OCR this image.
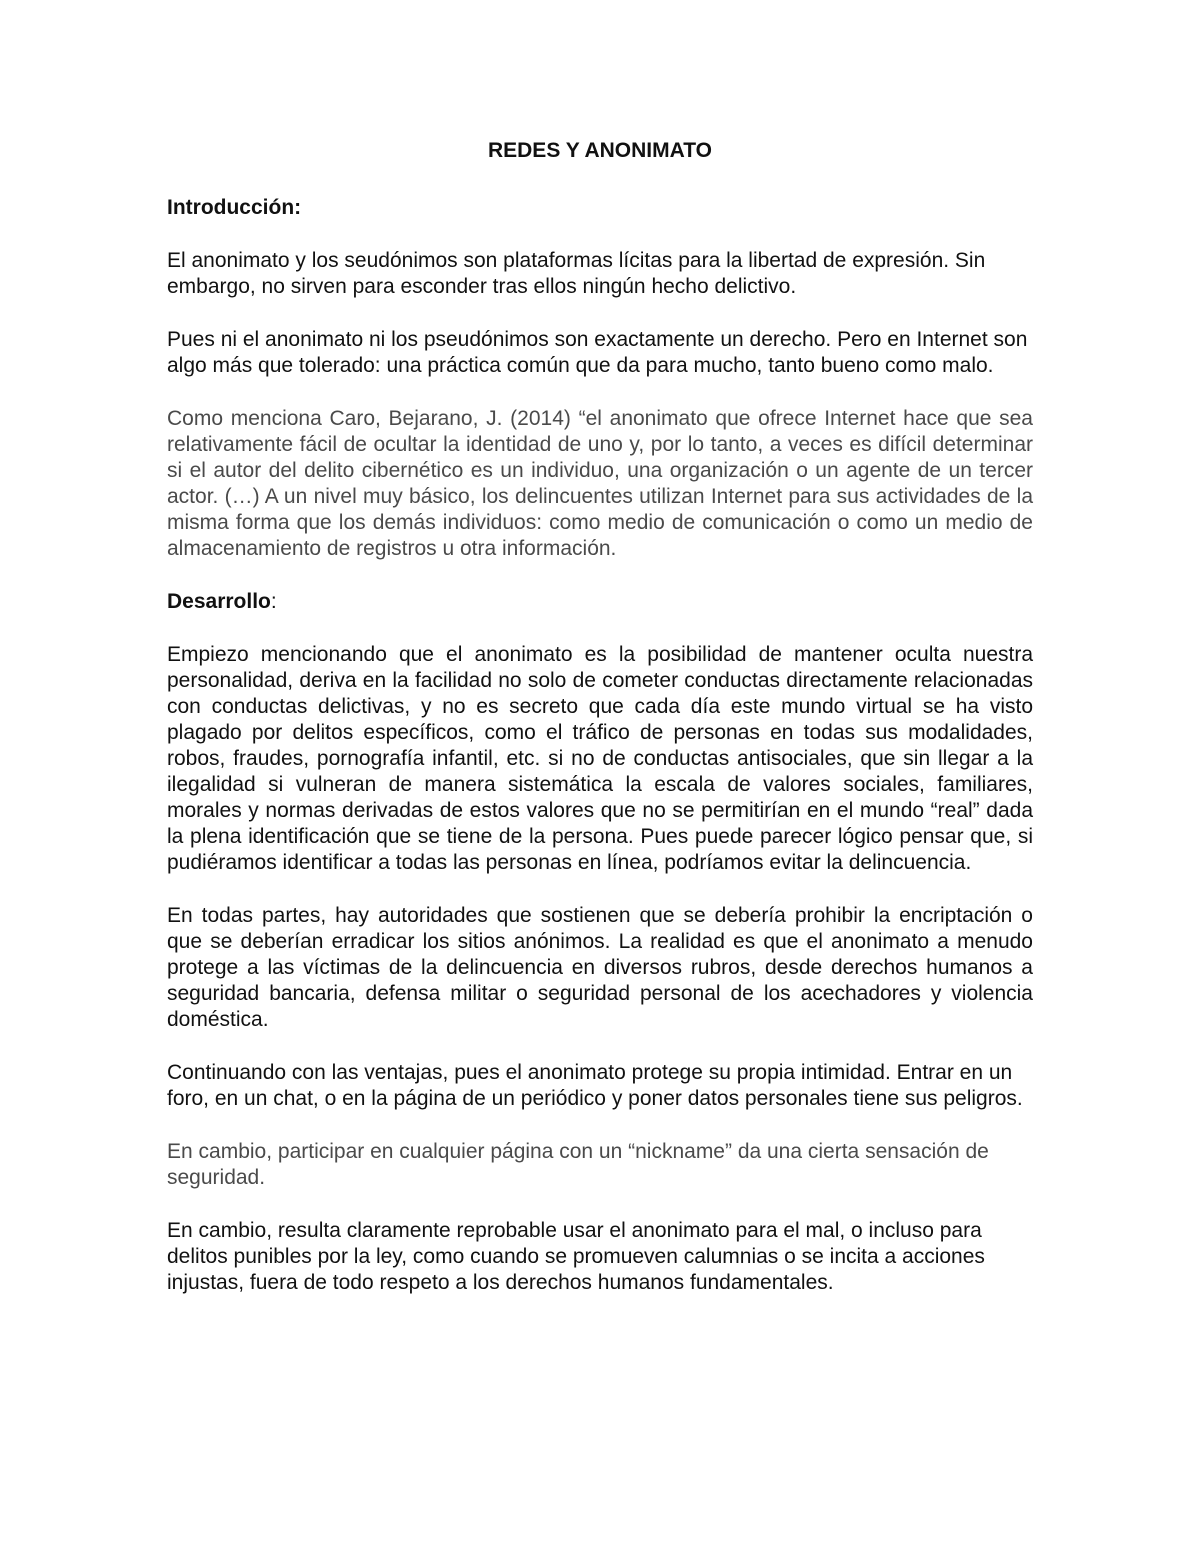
REDES Y ANONIMATO
Introducción:

El anonimato y los seudónimos son plataformas lícitas para la libertad de expresión. Sin embargo, no sirven para esconder tras ellos ningún hecho delictivo.

Pues ni el anonimato ni los pseudónimos son exactamente un derecho. Pero en Internet son algo más que tolerado: una práctica común que da para mucho, tanto bueno como malo.

Como menciona Caro, Bejarano, J. (2014) “el anonimato que ofrece Internet hace que sea relativamente fácil de ocultar la identidad de uno y, por lo tanto, a veces es difícil determinar si el autor del delito cibernético es un individuo, una organización o un agente de un tercer actor. (…) A un nivel muy básico, los delincuentes utilizan Internet para sus actividades de la misma forma que los demás individuos: como medio de comunicación o como un medio de almacenamiento de registros u otra información.

Desarrollo:

Empiezo mencionando que el anonimato es la posibilidad de mantener oculta nuestra personalidad, deriva en la facilidad no solo de cometer conductas directamente relacionadas con conductas delictivas, y no es secreto que cada día este mundo virtual se ha visto plagado por delitos específicos, como el tráfico de personas en todas sus modalidades, robos, fraudes, pornografía infantil, etc. si no de conductas antisociales, que sin llegar a la ilegalidad si vulneran de manera sistemática la escala de valores sociales, familiares, morales y normas derivadas de estos valores que no se permitirían en el mundo “real” dada la plena identificación que se tiene de la persona. Pues puede parecer lógico pensar que, si pudiéramos identificar a todas las personas en línea, podríamos evitar la delincuencia.

En todas partes, hay autoridades que sostienen que se debería prohibir la encriptación o que se deberían erradicar los sitios anónimos. La realidad es que el anonimato a menudo protege a las víctimas de la delincuencia en diversos rubros, desde derechos humanos a seguridad bancaria, defensa militar o seguridad personal de los acechadores y violencia doméstica.

Continuando con las ventajas, pues el anonimato protege su propia intimidad. Entrar en un foro, en un chat, o en la página de un periódico y poner datos personales tiene sus peligros.

En cambio, participar en cualquier página con un “nickname” da una cierta sensación de seguridad.

En cambio, resulta claramente reprobable usar el anonimato para el mal, o incluso para delitos punibles por la ley, como cuando se promueven calumnias o se incita a acciones injustas, fuera de todo respeto a los derechos humanos fundamentales.
